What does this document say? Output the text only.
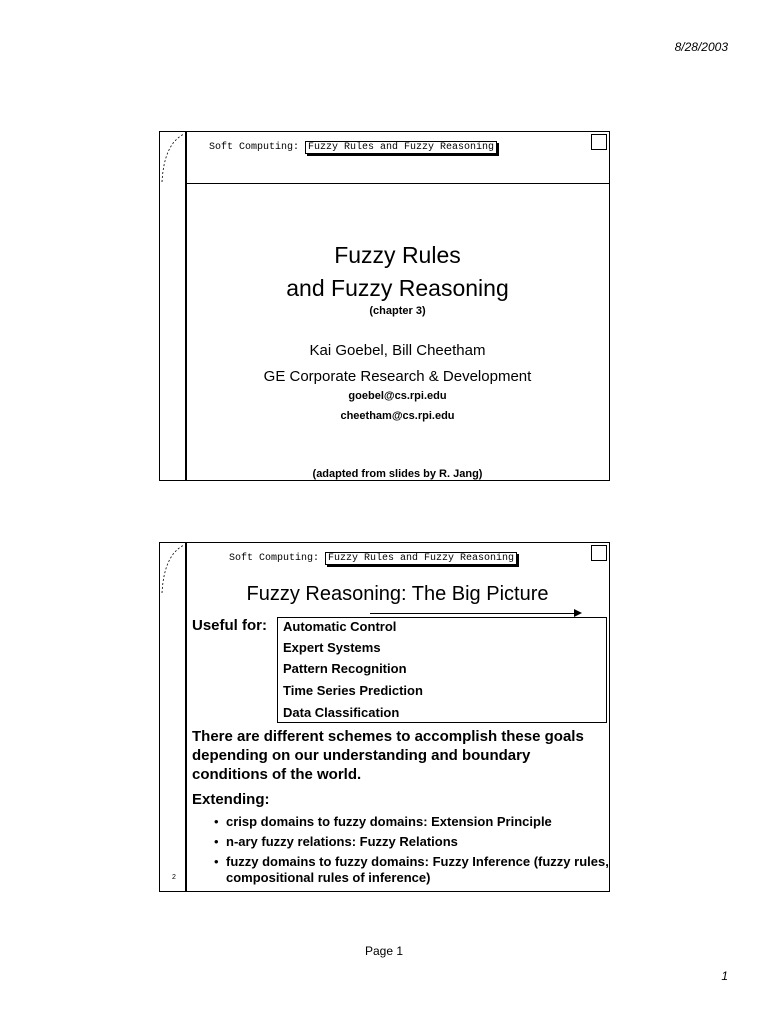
8/28/2003
Soft Computing: Fuzzy Rules and Fuzzy Reasoning
Fuzzy Rules
and Fuzzy Reasoning
(chapter 3)
Kai Goebel, Bill Cheetham
GE Corporate Research & Development
goebel@cs.rpi.edu
cheetham@cs.rpi.edu
(adapted from slides by R. Jang)
Soft Computing: Fuzzy Rules and Fuzzy Reasoning
Fuzzy Reasoning: The Big Picture
Useful for: Automatic Control
Expert Systems
Pattern Recognition
Time Series Prediction
Data Classification
There are different schemes to accomplish these goals depending on our understanding and boundary conditions of the world.
Extending:
• crisp domains to fuzzy domains: Extension Principle
• n-ary fuzzy relations: Fuzzy Relations
• fuzzy domains to fuzzy domains: Fuzzy Inference (fuzzy rules, compositional rules of inference)
2
Page 1
1
